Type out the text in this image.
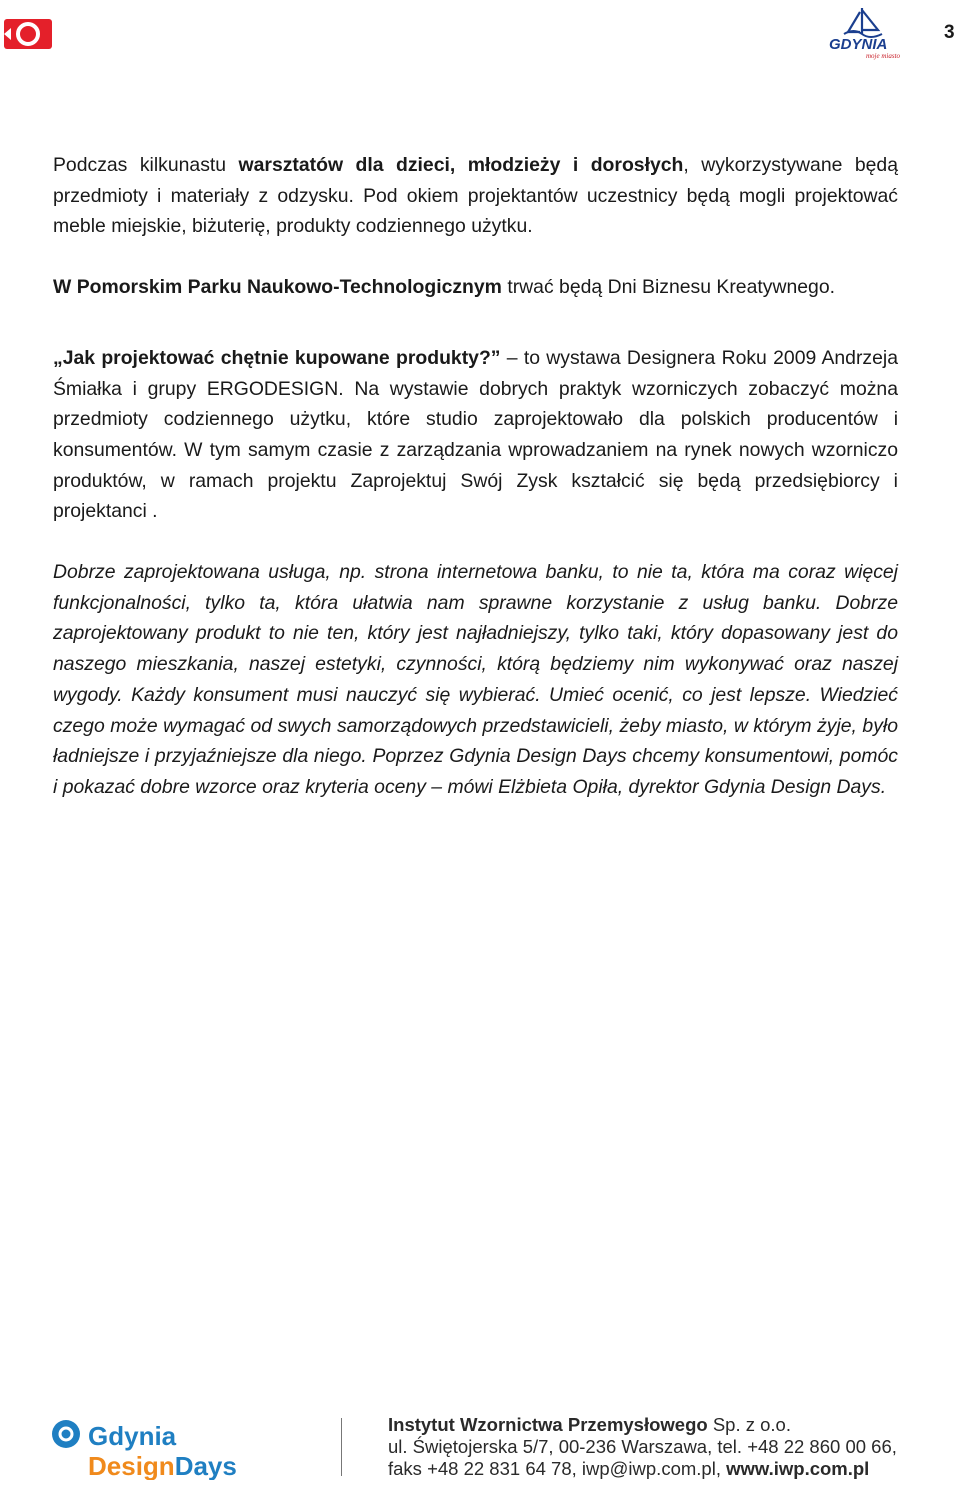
GDYNIA
moje miasto
3

Podczas kilkunastu warsztatów dla dzieci, młodzieży i dorosłych, wykorzystywane będą przedmioty i materiały z odzysku. Pod okiem projektantów uczestnicy będą mogli projektować meble miejskie, biżuterię, produkty codziennego użytku.

W Pomorskim Parku Naukowo-Technologicznym trwać będą Dni Biznesu Kreatywnego.

„Jak projektować chętnie kupowane produkty?” – to wystawa Designera Roku 2009 Andrzeja Śmiałka i grupy ERGODESIGN. Na wystawie dobrych praktyk wzorniczych zobaczyć można przedmioty codziennego użytku, które studio zaprojektowało dla polskich producentów i konsumentów. W tym samym czasie z zarządzania wprowadzaniem na rynek nowych wzorniczo produktów, w ramach projektu Zaprojektuj Swój Zysk kształcić się będą przedsiębiorcy i projektanci .

Dobrze zaprojektowana usługa, np. strona internetowa banku, to nie ta, która ma coraz więcej funkcjonalności, tylko ta, która ułatwia nam sprawne korzystanie z usług banku. Dobrze zaprojektowany produkt to nie ten, który jest najładniejszy, tylko taki, który dopasowany jest do naszego mieszkania, naszej estetyki, czynności, którą będziemy nim wykonywać oraz naszej wygody. Każdy konsument musi nauczyć się wybierać. Umieć ocenić, co jest lepsze. Wiedzieć czego może wymagać od swych samorządowych przedstawicieli, żeby miasto, w którym żyje, było ładniejsze i przyjaźniejsze dla niego. Poprzez Gdynia Design Days chcemy konsumentowi, pomóc i pokazać dobre wzorce oraz kryteria oceny – mówi Elżbieta Opiła, dyrektor Gdynia Design Days.

Gdynia
DesignDays
Instytut Wzornictwa Przemysłowego Sp. z o.o.
ul. Świętojerska 5/7, 00-236 Warszawa, tel. +48 22 860 00 66,
faks +48 22 831 64 78, iwp@iwp.com.pl, www.iwp.com.pl
